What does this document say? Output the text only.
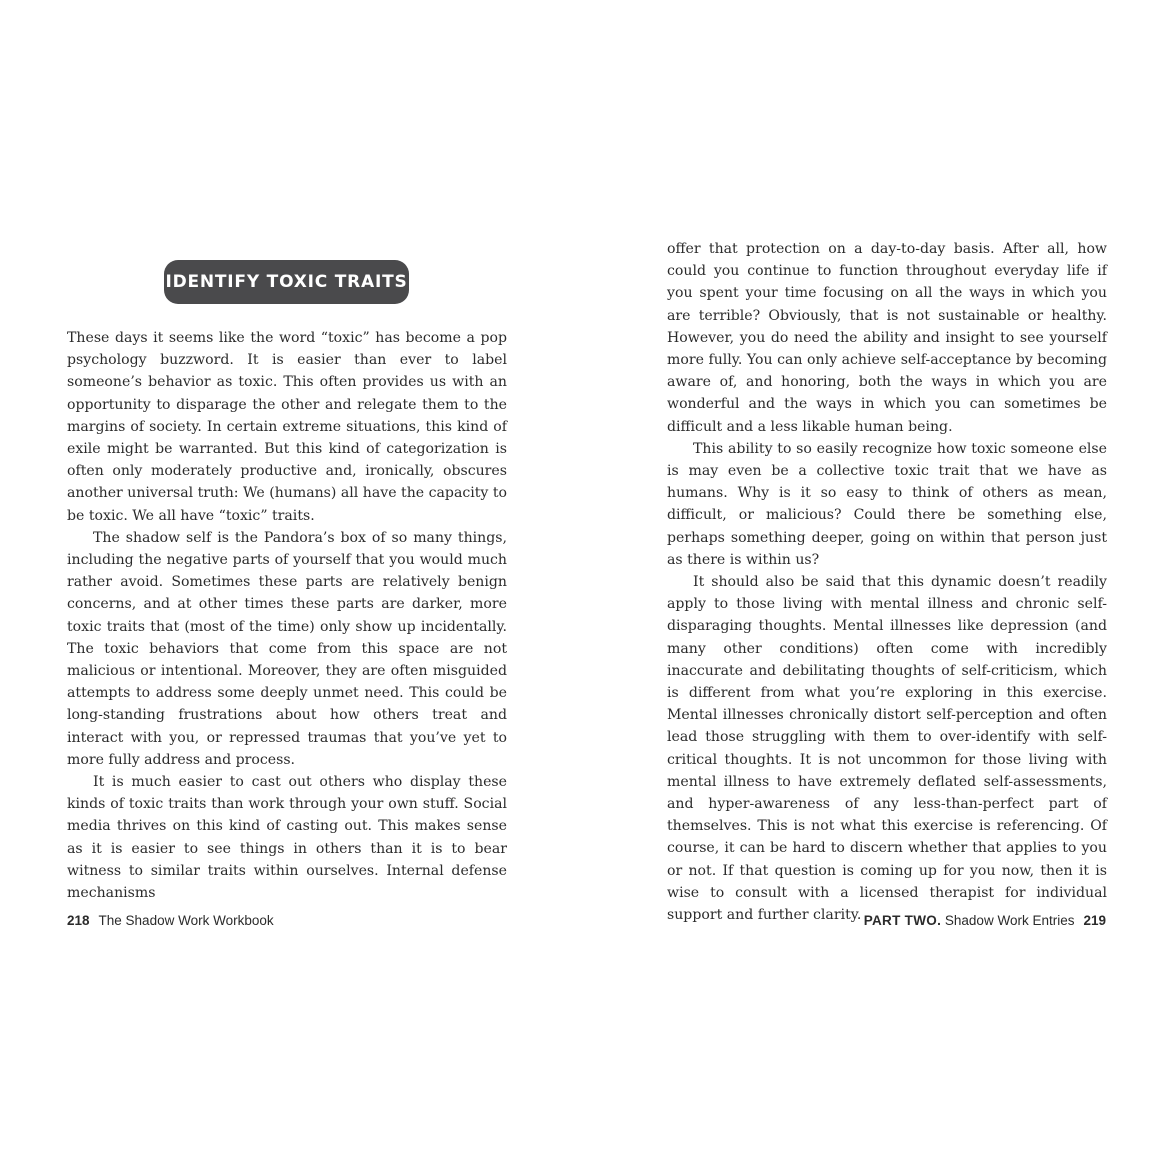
IDENTIFY TOXIC TRAITS

These days it seems like the word “toxic” has become a pop psychology buzzword. It is easier than ever to label someone’s behavior as toxic. This often provides us with an opportunity to disparage the other and relegate them to the margins of society. In certain extreme situations, this kind of exile might be warranted. But this kind of categorization is often only moderately productive and, ironically, obscures another universal truth: We (humans) all have the capacity to be toxic. We all have “toxic” traits.

The shadow self is the Pandora’s box of so many things, including the negative parts of yourself that you would much rather avoid. Sometimes these parts are relatively benign concerns, and at other times these parts are darker, more toxic traits that (most of the time) only show up incidentally. The toxic behaviors that come from this space are not malicious or intentional. Moreover, they are often misguided attempts to address some deeply unmet need. This could be long-standing frustrations about how others treat and interact with you, or repressed traumas that you’ve yet to more fully address and process.

It is much easier to cast out others who display these kinds of toxic traits than work through your own stuff. Social media thrives on this kind of casting out. This makes sense as it is easier to see things in others than it is to bear witness to similar traits within ourselves. Internal defense mechanisms

218 The Shadow Work Workbook

offer that protection on a day-to-day basis. After all, how could you continue to function throughout everyday life if you spent your time focusing on all the ways in which you are terrible? Obviously, that is not sustainable or healthy. However, you do need the ability and insight to see yourself more fully. You can only achieve self-acceptance by becoming aware of, and honoring, both the ways in which you are wonderful and the ways in which you can sometimes be difficult and a less likable human being.

This ability to so easily recognize how toxic someone else is may even be a collective toxic trait that we have as humans. Why is it so easy to think of others as mean, difficult, or malicious? Could there be something else, perhaps something deeper, going on within that person just as there is within us?

It should also be said that this dynamic doesn’t readily apply to those living with mental illness and chronic self-disparaging thoughts. Mental illnesses like depression (and many other conditions) often come with incredibly inaccurate and debilitating thoughts of self-criticism, which is different from what you’re exploring in this exercise. Mental illnesses chronically distort self-perception and often lead those struggling with them to over-identify with self-critical thoughts. It is not uncommon for those living with mental illness to have extremely deflated self-assessments, and hyper-awareness of any less-than-perfect part of themselves. This is not what this exercise is referencing. Of course, it can be hard to discern whether that applies to you or not. If that question is coming up for you now, then it is wise to consult with a licensed therapist for individual support and further clarity. PART TWO. Shadow Work Entries 219
